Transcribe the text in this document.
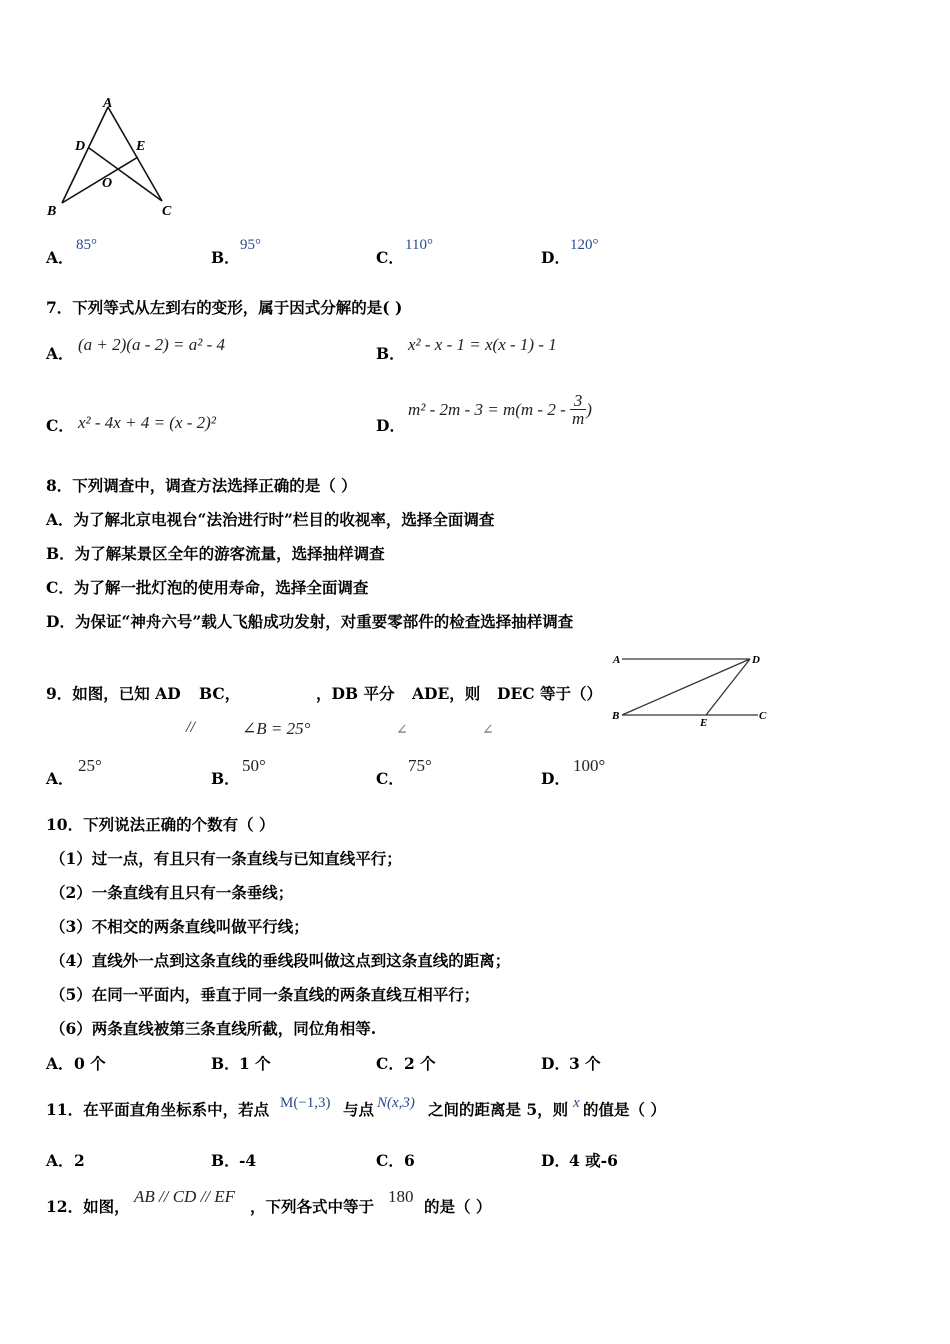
A
D	E
O
B	C
A．
85°
B．
95°
C．
110°
D．
120°
7．下列等式从左到右的变形，属于因式分解的是( )
A． (a + 2)(a - 2) = a² - 4	B． x² - x - 1 = x(x - 1) - 1
C． x² - 4x + 4 = (x - 2)²	D．
$m^2 - 2m - 3 = m(m - 2 - \frac{3}{m}$ )
8．下列调查中，调查方法选择正确的是（ ）
A．为了解北京电视台“法治进行时”栏目的收视率，选择全面调查
B．为了解某景区全年的游客流量，选择抽样调查
C．为了解一批灯泡的使用寿命，选择全面调查
D．为保证“神舟六号”载人飞船成功发射，对重要零部件的检查选择抽样调查
9．如图，已知 AD BC，	，DB 平分 ADE，则 DEC 等于（）
//	∠B = 25°	∠	∠
A	D
B
E
C
A．
25°
B．
50°
C．
75°
D．
100°
10．下列说法正确的个数有（ ）
（1）过一点，有且只有一条直线与已知直线平行；
（2）一条直线有且只有一条垂线；
（3）不相交的两条直线叫做平行线；
（4）直线外一点到这条直线的垂线段叫做这点到这条直线的距离；
（5）在同一平面内，垂直于同一条直线的两条直线互相平行；
（6）两条直线被第三条直线所截，同位角相等.
A． 0 个	B． 1 个	C． 2 个	D． 3 个
11．在平面直角坐标系中，若点 M(−1,3) 与点 N(x,3) 之间的距离是 5，则 x 的值是（ ）
A． 2	B． -4	C． 6	D． 4 或-6
12．如图，
AB // CD // EF
，下列各式中等于
180
的是（ ）
